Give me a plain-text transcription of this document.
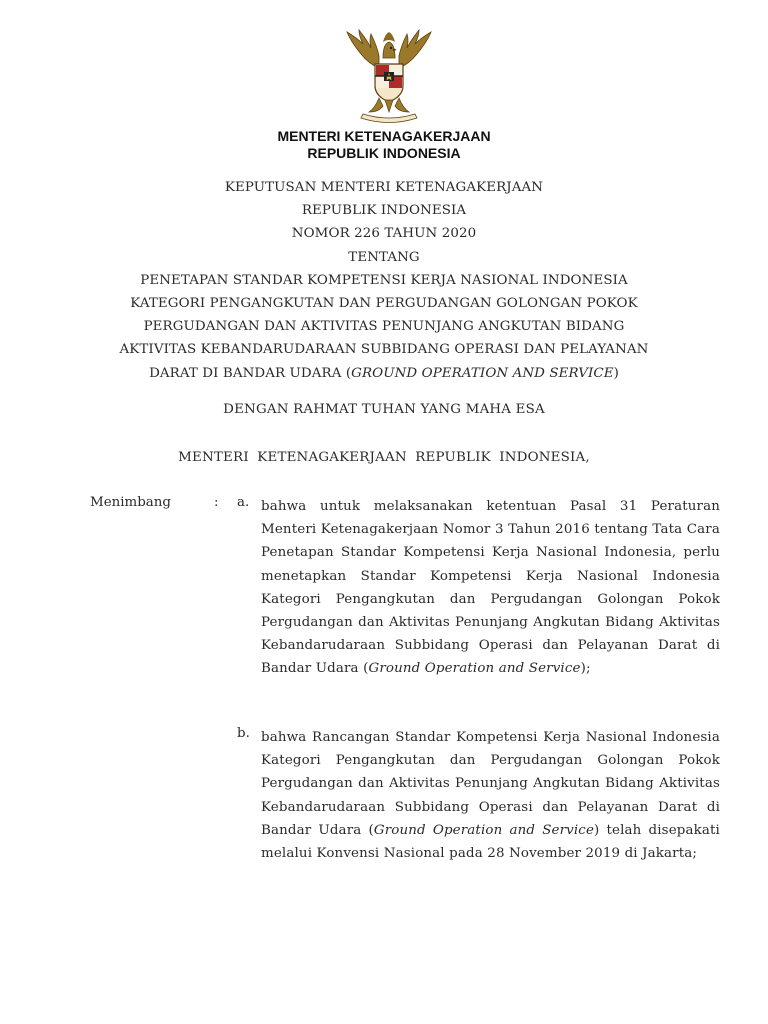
MENTERI KETENAGAKERJAAN
REPUBLIK INDONESIA
KEPUTUSAN MENTERI KETENAGAKERJAAN
REPUBLIK INDONESIA
NOMOR 226 TAHUN 2020
TENTANG
PENETAPAN STANDAR KOMPETENSI KERJA NASIONAL INDONESIA
KATEGORI PENGANGKUTAN DAN PERGUDANGAN GOLONGAN POKOK
PERGUDANGAN DAN AKTIVITAS PENUNJANG ANGKUTAN BIDANG
AKTIVITAS KEBANDARUDARAAN SUBBIDANG OPERASI DAN PELAYANAN
DARAT DI BANDAR UDARA (GROUND OPERATION AND SERVICE)
DENGAN RAHMAT TUHAN YANG MAHA ESA
MENTERI KETENAGAKERJAAN REPUBLIK INDONESIA,
Menimbang	: a. bahwa untuk melaksanakan ketentuan Pasal 31 Peraturan Menteri Ketenagakerjaan Nomor 3 Tahun 2016 tentang Tata Cara Penetapan Standar Kompetensi Kerja Nasional Indonesia, perlu menetapkan Standar Kompetensi Kerja Nasional Indonesia Kategori Pengangkutan dan Pergudangan Golongan Pokok Pergudangan dan Aktivitas Penunjang Angkutan Bidang Aktivitas Kebandarudaraan Subbidang Operasi dan Pelayanan Darat di Bandar Udara (Ground Operation and Service);
b. bahwa Rancangan Standar Kompetensi Kerja Nasional Indonesia Kategori Pengangkutan dan Pergudangan Golongan Pokok Pergudangan dan Aktivitas Penunjang Angkutan Bidang Aktivitas Kebandarudaraan Subbidang Operasi dan Pelayanan Darat di Bandar Udara (Ground Operation and Service) telah disepakati melalui Konvensi Nasional pada 28 November 2019 di Jakarta;
